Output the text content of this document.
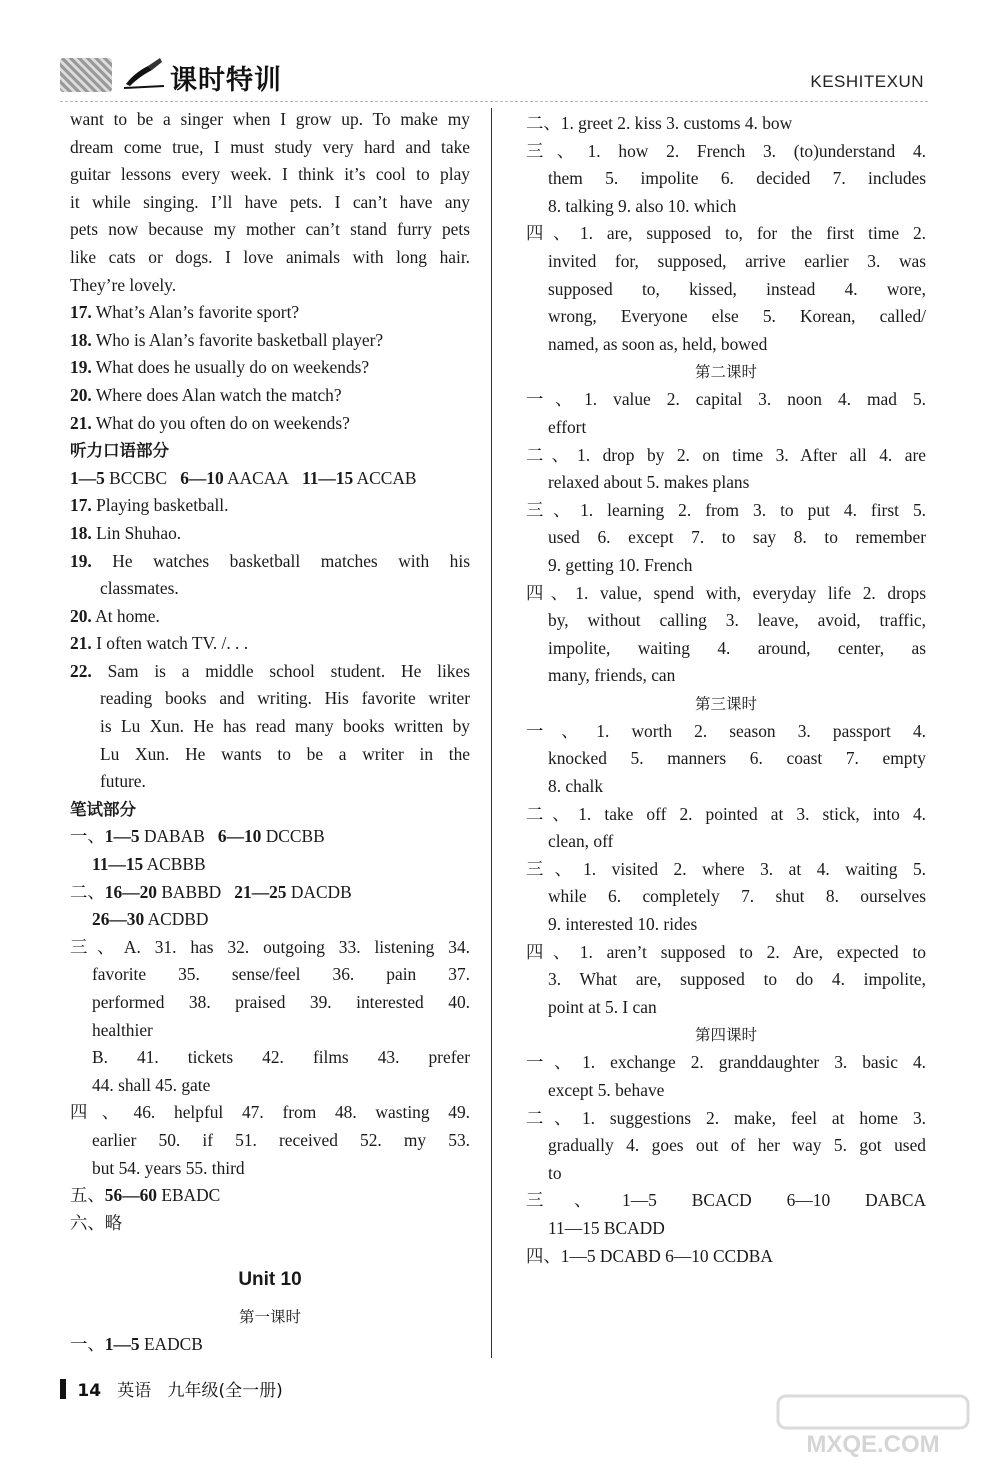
课时特训	KESHITEXUN
want to be a singer when I grow up. To make my
dream come true, I must study very hard and take
guitar lessons every week. I think it’s cool to play
it while singing. I’ll have pets. I can’t have any
pets now because my mother can’t stand furry pets
like cats or dogs. I love animals with long hair.
They’re lovely.
17. What’s Alan’s favorite sport?
18. Who is Alan’s favorite basketball player?
19. What does he usually do on weekends?
20. Where does Alan watch the match?
21. What do you often do on weekends?
听力口语部分
1—5 BCCBC 6—10 AACAA 11—15 ACCAB
17. Playing basketball.
18. Lin Shuhao.
19. He watches basketball matches with his
classmates.
20. At home.
21. I often watch TV. /. . .
22. Sam is a middle school student. He likes
reading books and writing. His favorite writer
is Lu Xun. He has read many books written by
Lu Xun. He wants to be a writer in the
future.
笔试部分
一、1—5 DABAB 6—10 DCCBB
11—15 ACBBB
二、16—20 BABBD 21—25 DACDB
26—30 ACDBD
三、A. 31. has 32. outgoing 33. listening 34.
favorite 35. sense/feel 36. pain 37.
performed 38. praised 39. interested 40.
healthier
B. 41. tickets 42. films 43. prefer
44. shall 45. gate
四、46. helpful 47. from 48. wasting 49.
earlier 50. if 51. received 52. my 53.
but 54. years 55. third
五、56—60 EBADC
六、略
Unit 10
第一课时
一、1—5 EADCB
二、1. greet 2. kiss 3. customs 4. bow
三、1. how 2. French 3. (to)understand 4.
them 5. impolite 6. decided 7. includes
8. talking 9. also 10. which
四、1. are, supposed to, for the first time 2.
invited for, supposed, arrive earlier 3. was
supposed to, kissed, instead 4. wore,
wrong, Everyone else 5. Korean, called/
named, as soon as, held, bowed
第二课时
一、1. value 2. capital 3. noon 4. mad 5.
effort
二、1. drop by 2. on time 3. After all 4. are
relaxed about 5. makes plans
三、1. learning 2. from 3. to put 4. first 5.
used 6. except 7. to say 8. to remember
9. getting 10. French
四、1. value, spend with, everyday life 2. drops
by, without calling 3. leave, avoid, traffic,
impolite, waiting 4. around, center, as
many, friends, can
第三课时
一、1. worth 2. season 3. passport 4.
knocked 5. manners 6. coast 7. empty
8. chalk
二、1. take off 2. pointed at 3. stick, into 4.
clean, off
三、1. visited 2. where 3. at 4. waiting 5.
while 6. completely 7. shut 8. ourselves
9. interested 10. rides
四、1. aren’t supposed to 2. Are, expected to
3. What are, supposed to do 4. impolite,
point at 5. I can
第四课时
一、1. exchange 2. granddaughter 3. basic 4.
except 5. behave
二、1. suggestions 2. make, feel at home 3.
gradually 4. goes out of her way 5. got used
to
三、1—5 BCACD 6—10 DABCA
11—15 BCADD
四、1—5 DCABD 6—10 CCDBA
14 英语 九年级(全一册)
MXQE.COM
